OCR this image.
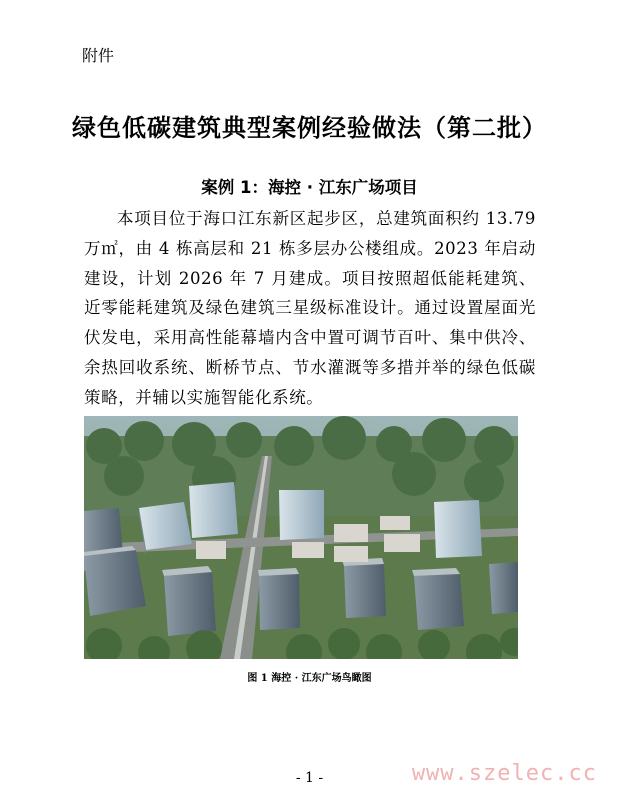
附件
绿色低碳建筑典型案例经验做法（第二批）
案例 1：海控 · 江东广场项目
本项目位于海口江东新区起步区，总建筑面积约 13.79 万㎡，由 4 栋高层和 21 栋多层办公楼组成。2023 年启动建设，计划 2026 年 7 月建成。项目按照超低能耗建筑、近零能耗建筑及绿色建筑三星级标准设计。通过设置屋面光伏发电，采用高性能幕墙内含中置可调节百叶、集中供冷、余热回收系统、断桥节点、节水灌溉等多措并举的绿色低碳策略，并辅以实施智能化系统。
图 1 海控 · 江东广场鸟瞰图
www.szelec.cc
- 1 -
